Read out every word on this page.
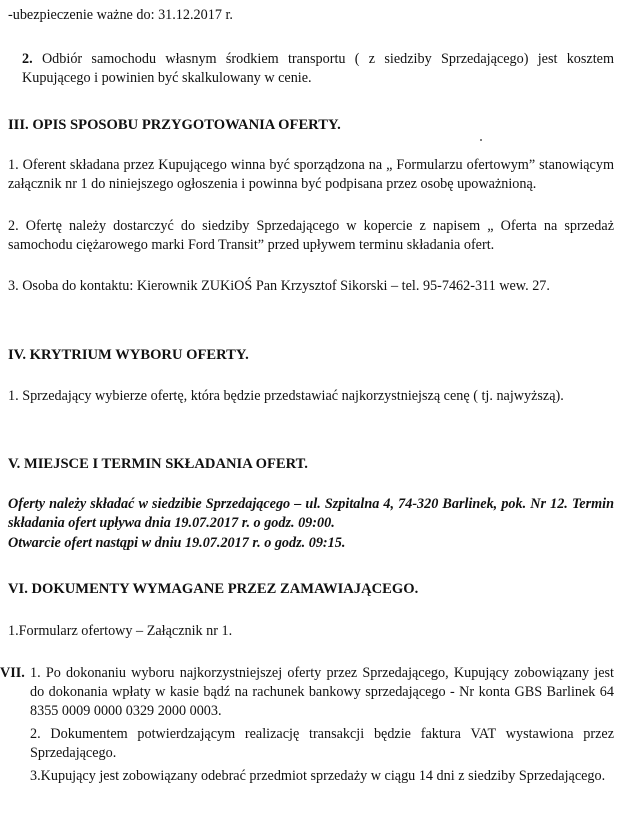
-ubezpieczenie ważne do: 31.12.2017 r.
2. Odbiór samochodu własnym środkiem transportu ( z siedziby Sprzedającego) jest kosztem Kupującego i powinien być skalkulowany w cenie.
III. OPIS SPOSOBU PRZYGOTOWANIA OFERTY.
1. Oferent składana przez Kupującego winna być sporządzona na „ Formularzu ofertowym” stanowiącym załącznik nr 1 do niniejszego ogłoszenia i powinna być podpisana przez osobę upoważnioną.
2. Ofertę należy dostarczyć do siedziby Sprzedającego w kopercie z napisem „ Oferta na sprzedaż samochodu ciężarowego marki Ford Transit” przed upływem terminu składania ofert.
3. Osoba do kontaktu: Kierownik ZUKiOŚ Pan Krzysztof Sikorski – tel. 95-7462-311 wew. 27.
IV. KRYTRIUM WYBORU OFERTY.
1. Sprzedający wybierze ofertę, która będzie przedstawiać najkorzystniejszą cenę ( tj. najwyższą).
V. MIEJSCE I TERMIN SKŁADANIA OFERT.
Oferty należy składać w siedzibie Sprzedającego – ul. Szpitalna 4, 74-320 Barlinek, pok. Nr 12. Termin składania ofert upływa dnia 19.07.2017 r. o godz. 09:00.
Otwarcie ofert nastąpi w dniu 19.07.2017 r. o godz. 09:15.
VI. DOKUMENTY WYMAGANE PRZEZ ZAMAWIAJĄCEGO.
1.Formularz ofertowy – Załącznik nr 1.
VII. 1. Po dokonaniu wyboru najkorzystniejszej oferty przez Sprzedającego, Kupujący zobowiązany jest do dokonania wpłaty w kasie bądź na rachunek bankowy sprzedającego - Nr konta GBS Barlinek 64 8355 0009 0000 0329 2000 0003.
2. Dokumentem potwierdzającym realizację transakcji będzie faktura VAT wystawiona przez Sprzedającego.
3.Kupujący jest zobowiązany odebrać przedmiot sprzedaży w ciągu 14 dni z siedziby Sprzedającego.
